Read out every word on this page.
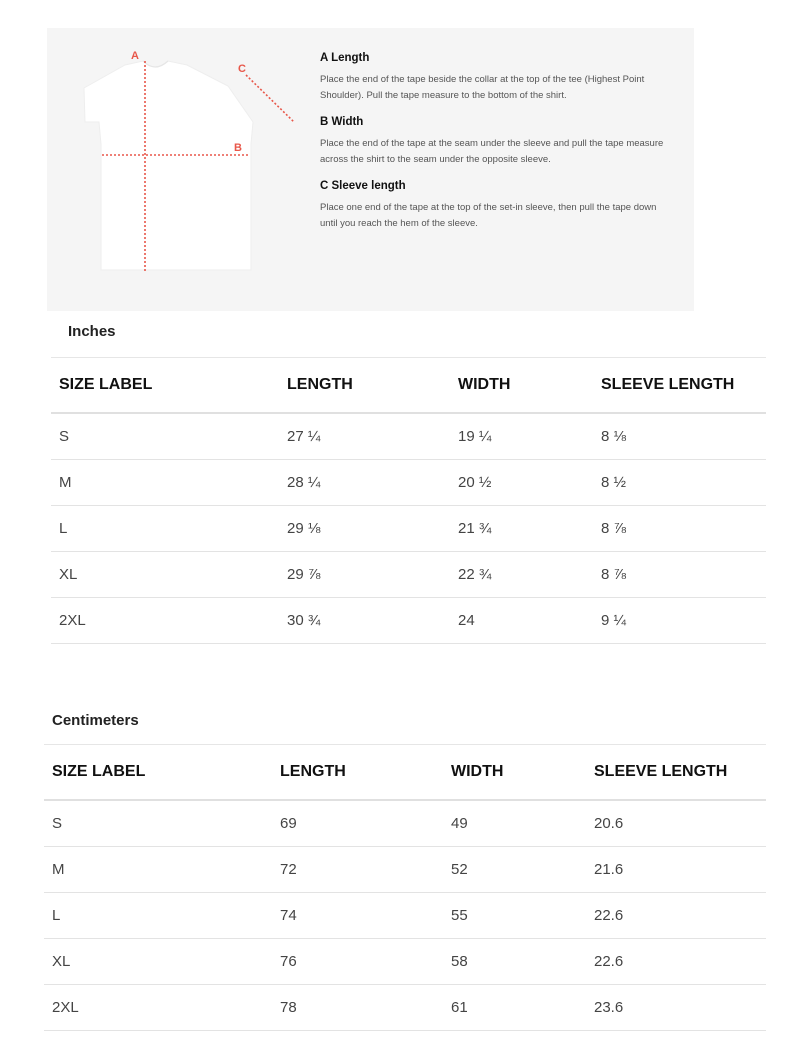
A
B
C

A Length

Place the end of the tape beside the collar at the top of the tee (Highest Point Shoulder). Pull the tape measure to the bottom of the shirt.

B Width

Place the end of the tape at the seam under the sleeve and pull the tape measure across the shirt to the seam under the opposite sleeve.

C Sleeve length

Place one end of the tape at the top of the set-in sleeve, then pull the tape down until you reach the hem of the sleeve.

Inches
SIZE LABEL	LENGTH	WIDTH	SLEEVE LENGTH
S	27 ¼	19 ¼	8 ⅛
M	28 ¼	20 ½	8 ½
L	29 ⅛	21 ¾	8 ⅞
XL	29 ⅞	22 ¾	8 ⅞
2XL	30 ¾	24	9 ¼
Centimeters
SIZE LABEL	LENGTH	WIDTH	SLEEVE LENGTH
S	69	49	20.6
M	72	52	21.6
L	74	55	22.6
XL	76	58	22.6
2XL	78	61	23.6
